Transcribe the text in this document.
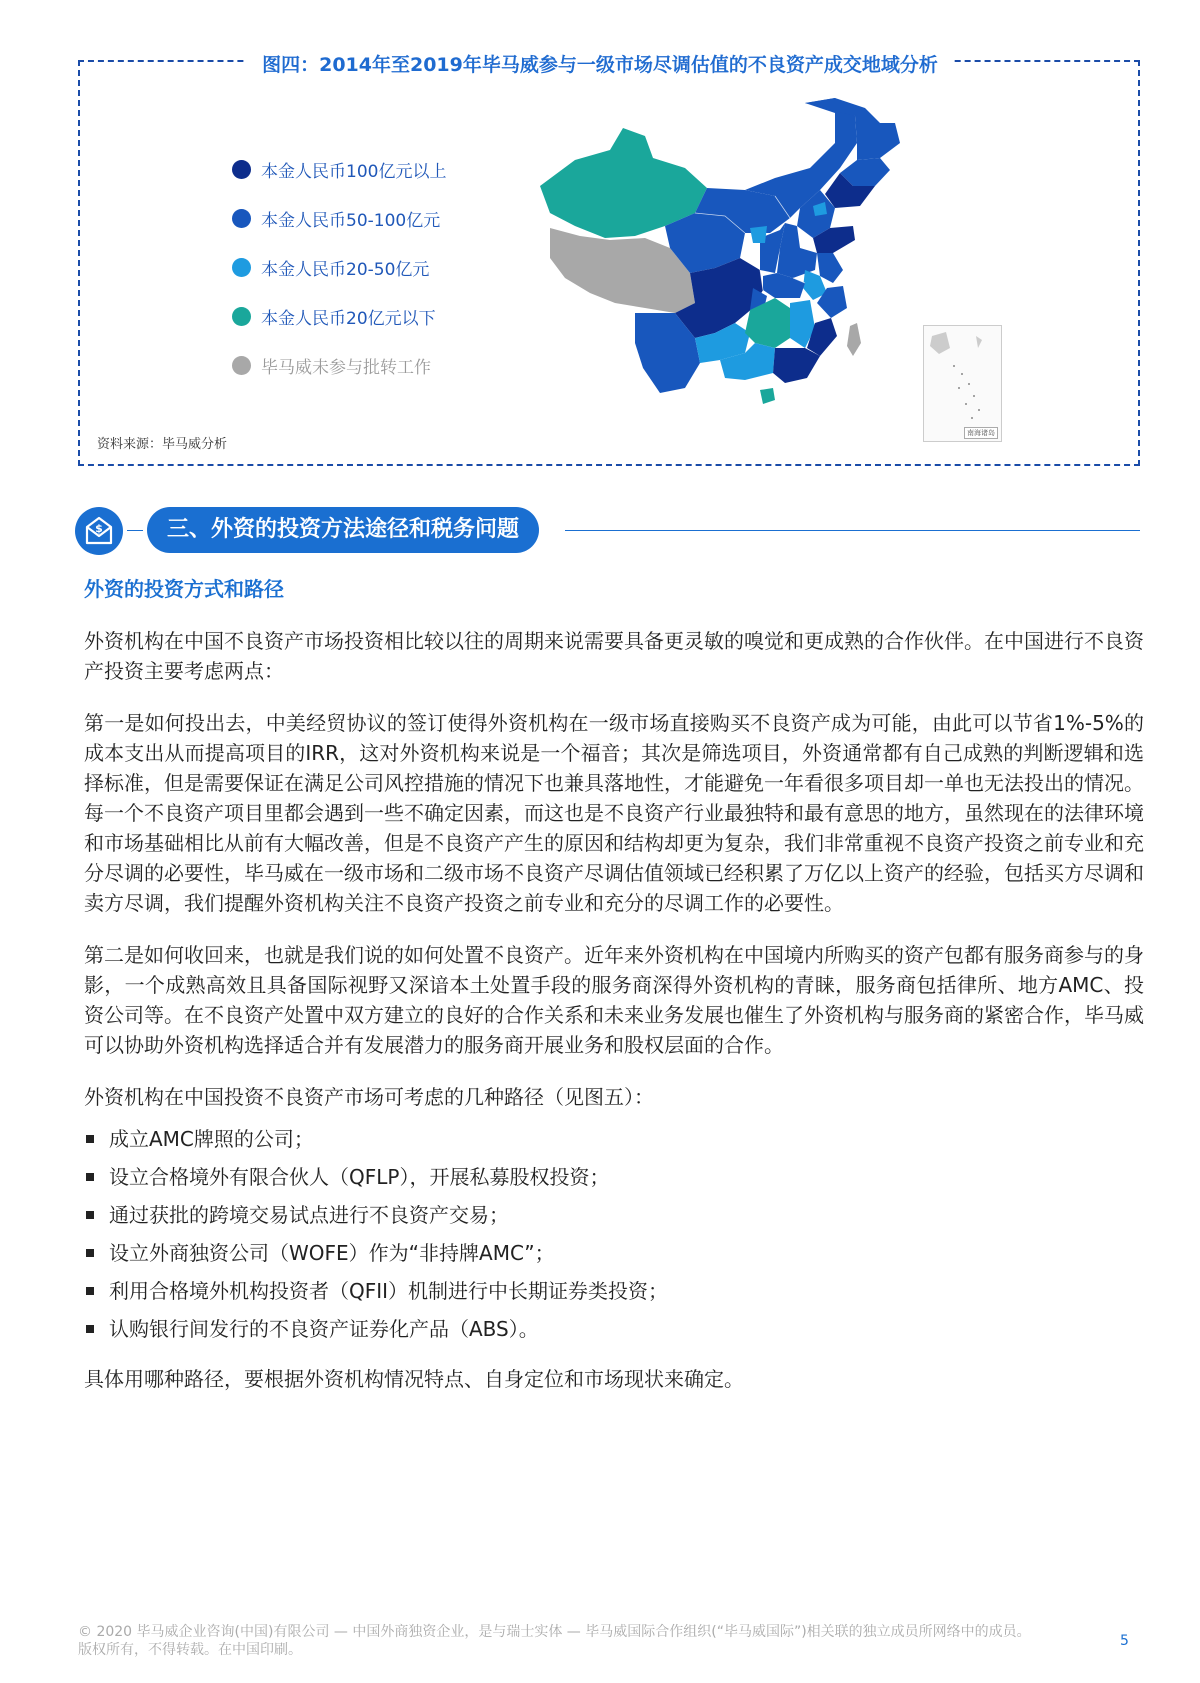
图四：2014年至2019年毕马威参与一级市场尽调估值的不良资产成交地域分析
本金人民币100亿元以上
本金人民币50-100亿元
本金人民币20-50亿元
本金人民币20亿元以下
毕马威未参与批转工作
南海诸岛
资料来源：毕马威分析
$	三、外资的投资方法途径和税务问题
外资的投资方式和路径

外资机构在中国不良资产市场投资相比较以往的周期来说需要具备更灵敏的嗅觉和更成熟的合作伙伴。在中国进行不良资产投资主要考虑两点：

第一是如何投出去，中美经贸协议的签订使得外资机构在一级市场直接购买不良资产成为可能，由此可以节省1%-5%的成本支出从而提高项目的IRR，这对外资机构来说是一个福音；其次是筛选项目，外资通常都有自己成熟的判断逻辑和选择标准，但是需要保证在满足公司风控措施的情况下也兼具落地性，才能避免一年看很多项目却一单也无法投出的情况。每一个不良资产项目里都会遇到一些不确定因素，而这也是不良资产行业最独特和最有意思的地方，虽然现在的法律环境和市场基础相比从前有大幅改善，但是不良资产产生的原因和结构却更为复杂，我们非常重视不良资产投资之前专业和充分尽调的必要性，毕马威在一级市场和二级市场不良资产尽调估值领域已经积累了万亿以上资产的经验，包括买方尽调和卖方尽调，我们提醒外资机构关注不良资产投资之前专业和充分的尽调工作的必要性。

第二是如何收回来，也就是我们说的如何处置不良资产。近年来外资机构在中国境内所购买的资产包都有服务商参与的身影，一个成熟高效且具备国际视野又深谙本土处置手段的服务商深得外资机构的青睐，服务商包括律所、地方AMC、投资公司等。在不良资产处置中双方建立的良好的合作关系和未来业务发展也催生了外资机构与服务商的紧密合作，毕马威可以协助外资机构选择适合并有发展潜力的服务商开展业务和股权层面的合作。

外资机构在中国投资不良资产市场可考虑的几种路径（见图五）：

成立AMC牌照的公司；
设立合格境外有限合伙人（QFLP），开展私募股权投资；
通过获批的跨境交易试点进行不良资产交易；
设立外商独资公司（WOFE）作为“非持牌AMC”；
利用合格境外机构投资者（QFII）机制进行中长期证券类投资；
认购银行间发行的不良资产证券化产品（ABS）。

具体用哪种路径，要根据外资机构情况特点、自身定位和市场现状来确定。

© 2020 毕马威企业咨询(中国)有限公司 — 中国外商独资企业，是与瑞士实体 — 毕马威国际合作组织(“毕马威国际”)相关联的独立成员所网络中的成员。版权所有，不得转载。在中国印刷。
5
